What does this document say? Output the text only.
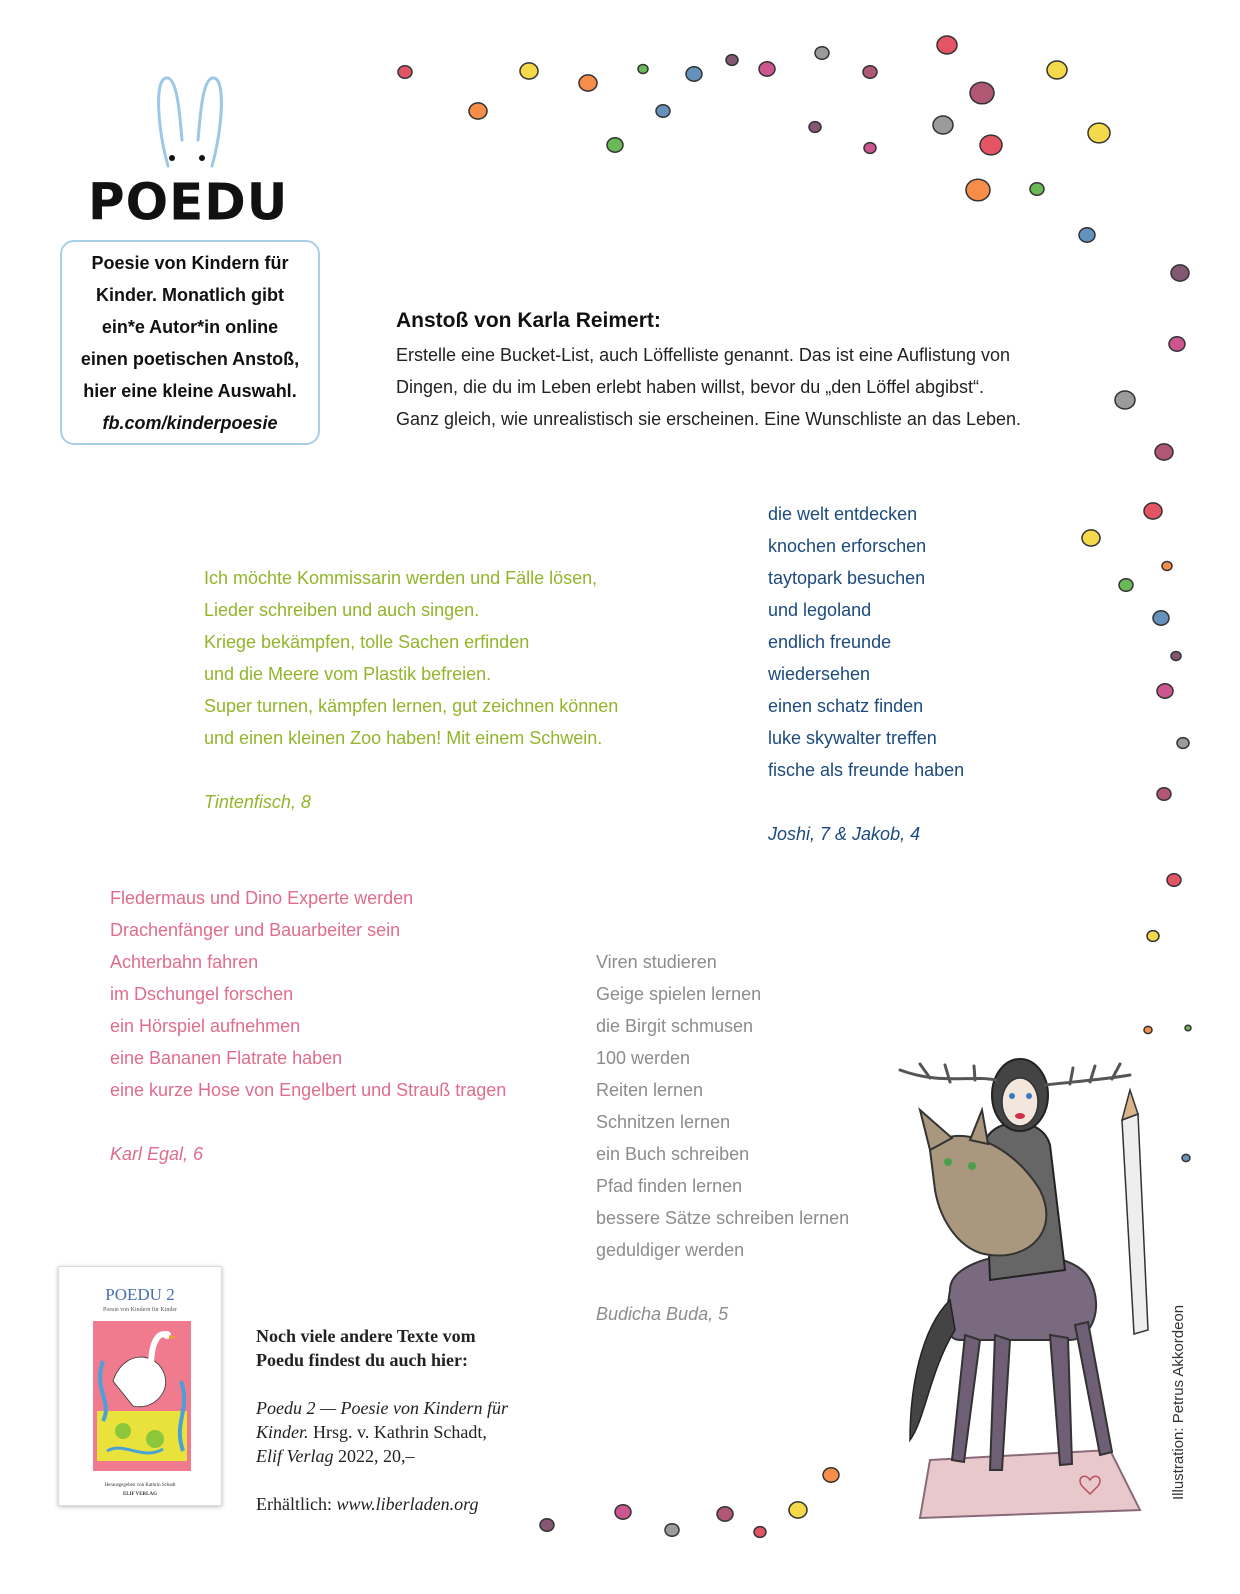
POEDU

Poesie von Kindern für

Kinder. Monatlich gibt

ein*e Autor*in online

einen poetischen Anstoß,

hier eine kleine Auswahl.

fb.com/kinderpoesie

Anstoß von Karla Reimert:

Erstelle eine Bucket-List, auch Löffelliste genannt. Das ist eine Auflistung von

Dingen, die du im Leben erlebt haben willst, bevor du „den Löffel abgibst“.

Ganz gleich, wie unrealistisch sie erscheinen. Eine Wunschliste an das Leben.

Ich möchte Kommissarin werden und Fälle lösen,
Lieder schreiben und auch singen.
Kriege bekämpfen, tolle Sachen erfinden
und die Meere vom Plastik befreien.
Super turnen, kämpfen lernen, gut zeichnen können
und einen kleinen Zoo haben! Mit einem Schwein.
Tintenfisch, 8
die welt entdecken
knochen erforschen
taytopark besuchen
und legoland
endlich freunde
wiedersehen
einen schatz finden
luke skywalter treffen
fische als freunde haben
Joshi, 7 & Jakob, 4
Fledermaus und Dino Experte werden
Drachenfänger und Bauarbeiter sein
Achterbahn fahren
im Dschungel forschen
ein Hörspiel aufnehmen
eine Bananen Flatrate haben
eine kurze Hose von Engelbert und Strauß tragen
Karl Egal, 6
Viren studieren
Geige spielen lernen
die Birgit schmusen
100 werden
Reiten lernen
Schnitzen lernen
ein Buch schreiben
Pfad finden lernen
bessere Sätze schreiben lernen
geduldiger werden
Budicha Buda, 5
POEDU 2
Poesie von Kindern für Kinder
Herausgegeben von Kathrin Schadt
ELIF VERLAG
Noch viele andere Texte vom Poedu findest du auch hier:
Poedu 2 — Poesie von Kindern für Kinder. Hrsg. v. Kathrin Schadt, Elif Verlag 2022, 20,–
Erhältlich: www.liberladen.org
Illustration: Petrus Akkordeon
